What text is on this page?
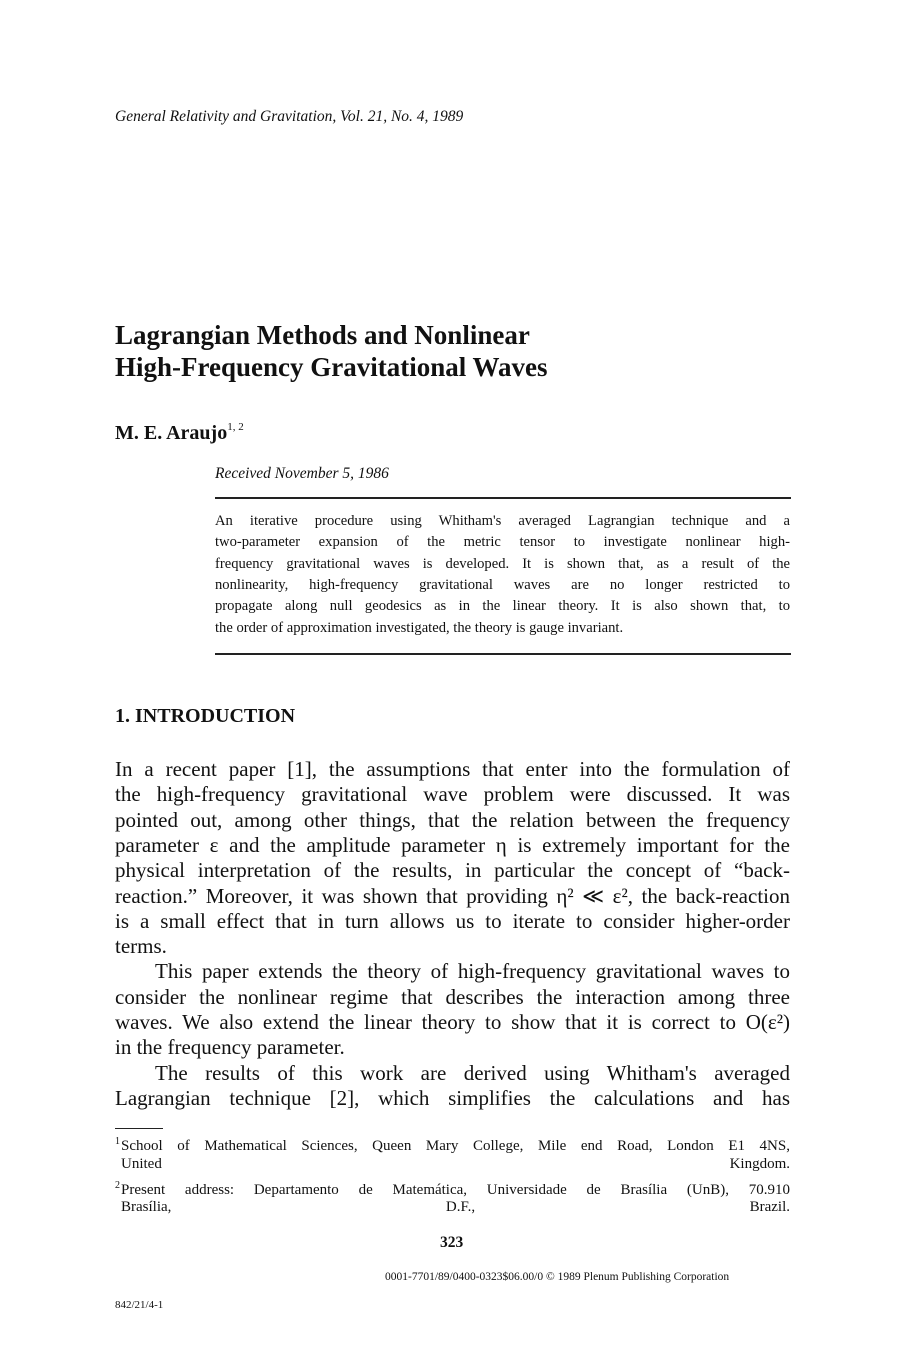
General Relativity and Gravitation, Vol. 21, No. 4, 1989
Lagrangian Methods and Nonlinear
High-Frequency Gravitational Waves
M. E. Araujo$^{1, 2}$
Received November 5, 1986
An iterative procedure using Whitham's averaged Lagrangian technique and a
two-parameter expansion of the metric tensor to investigate nonlinear high-
frequency gravitational waves is developed. It is shown that, as a result of the
nonlinearity, high-frequency gravitational waves are no longer restricted to
propagate along null geodesics as in the linear theory. It is also shown that, to
the order of approximation investigated, the theory is gauge invariant.
1. INTRODUCTION
In a recent paper [1], the assumptions that enter into the formulation of
the high-frequency gravitational wave problem were discussed. It was
pointed out, among other things, that the relation between the frequency
parameter ε and the amplitude parameter η is extremely important for the
physical interpretation of the results, in particular the concept of “back-
reaction.” Moreover, it was shown that providing η² ≪ ε², the back-reaction
is a small effect that in turn allows us to iterate to consider higher-order
terms.
This paper extends the theory of high-frequency gravitational waves to
consider the nonlinear regime that describes the interaction among three
waves. We also extend the linear theory to show that it is correct to O(ε²)
in the frequency parameter.
The results of this work are derived using Whitham's averaged
Lagrangian technique [2], which simplifies the calculations and has
School of Mathematical Sciences, Queen Mary College, Mile end Road, London E1 4NS,
1
United Kingdom.
Present address: Departamento de Matemática, Universidade de Brasília (UnB), 70.910
2
Brasília, D.F., Brazil.
323
0001-7701/89/0400-0323$06.00/0 © 1989 Plenum Publishing Corporation
842/21/4-1
